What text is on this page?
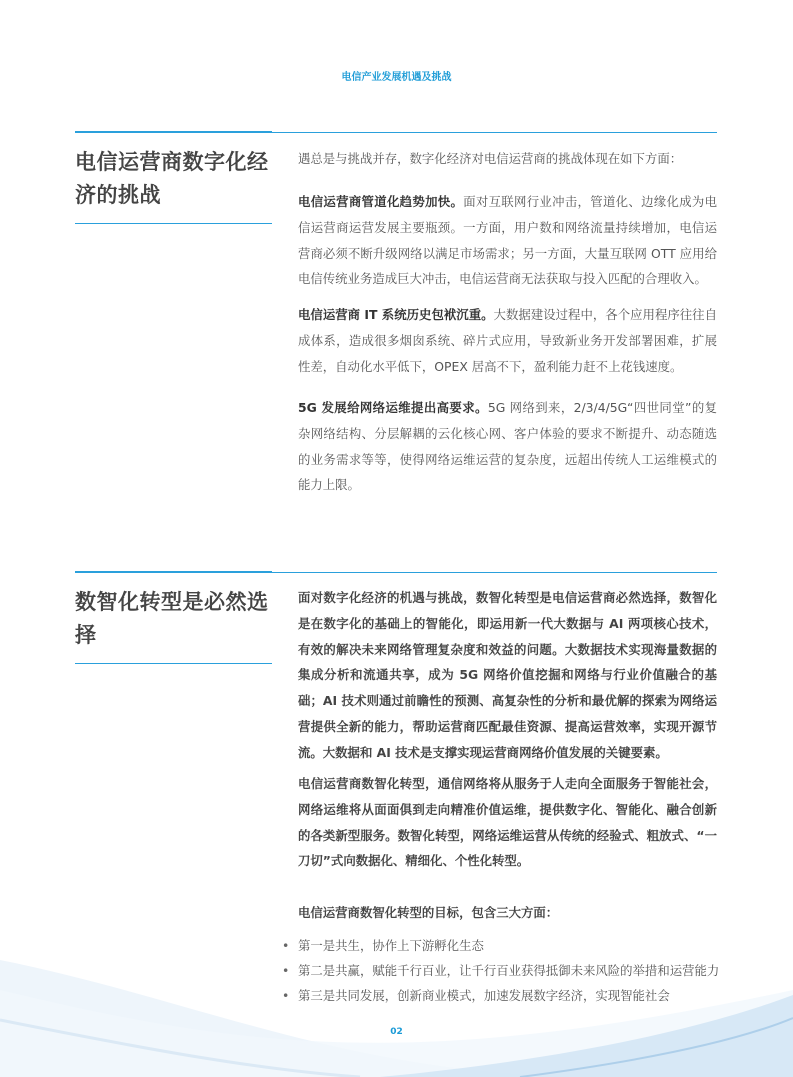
电信产业发展机遇及挑战
电信运营商数字化经济的挑战
遇总是与挑战并存，数字化经济对电信运营商的挑战体现在如下方面：
电信运营商管道化趋势加快。面对互联网行业冲击，管道化、边缘化成为电信运营商运营发展主要瓶颈。一方面，用户数和网络流量持续增加，电信运营商必须不断升级网络以满足市场需求；另一方面，大量互联网 OTT 应用给电信传统业务造成巨大冲击，电信运营商无法获取与投入匹配的合理收入。
电信运营商 IT 系统历史包袱沉重。大数据建设过程中，各个应用程序往往自成体系，造成很多烟囱系统、碎片式应用，导致新业务开发部署困难，扩展性差，自动化水平低下，OPEX 居高不下，盈利能力赶不上花钱速度。
5G 发展给网络运维提出高要求。5G 网络到来，2/3/4/5G“四世同堂”的复杂网络结构、分层解耦的云化核心网、客户体验的要求不断提升、动态随选的业务需求等等，使得网络运维运营的复杂度，远超出传统人工运维模式的能力上限。
数智化转型是必然选择
面对数字化经济的机遇与挑战，数智化转型是电信运营商必然选择，数智化是在数字化的基础上的智能化，即运用新一代大数据与 AI 两项核心技术，有效的解决未来网络管理复杂度和效益的问题。大数据技术实现海量数据的集成分析和流通共享，成为 5G 网络价值挖掘和网络与行业价值融合的基础；AI 技术则通过前瞻性的预测、高复杂性的分析和最优解的探索为网络运营提供全新的能力，帮助运营商匹配最佳资源、提高运营效率，实现开源节流。大数据和 AI 技术是支撑实现运营商网络价值发展的关键要素。
电信运营商数智化转型，通信网络将从服务于人走向全面服务于智能社会，网络运维将从面面俱到走向精准价值运维，提供数字化、智能化、融合创新的各类新型服务。数智化转型，网络运维运营从传统的经验式、粗放式、“一刀切”式向数据化、精细化、个性化转型。
电信运营商数智化转型的目标，包含三大方面：
• 第一是共生，协作上下游孵化生态
• 第二是共赢，赋能千行百业，让千行百业获得抵御未来风险的举措和运营能力
• 第三是共同发展，创新商业模式，加速发展数字经济，实现智能社会
02
